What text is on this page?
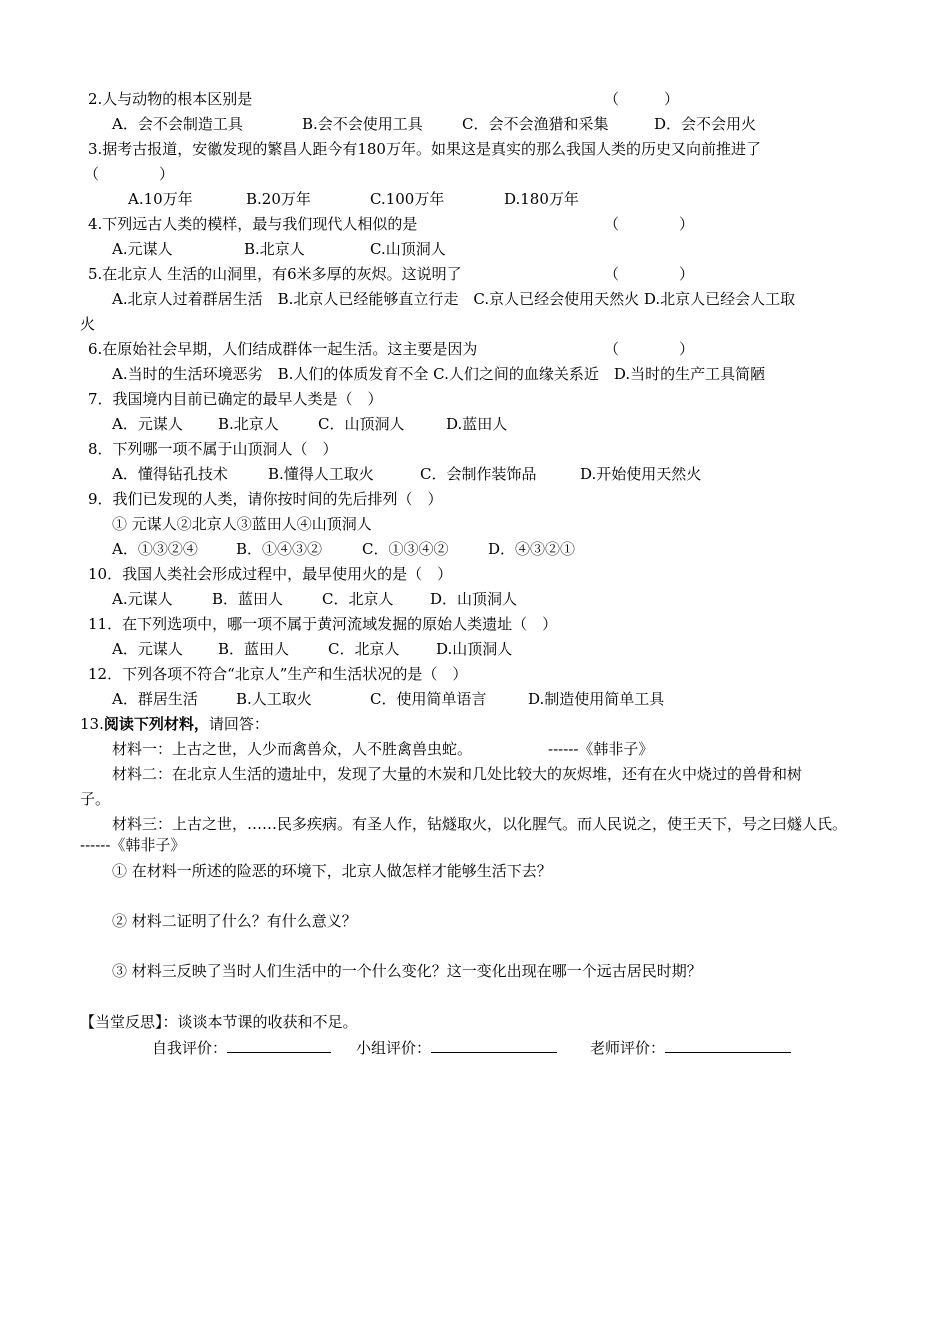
2.人与动物的根本区别是	（　　　）
A．会不会制造工具	B.会不会使用工具	C．会不会渔猎和采集	D．会不会用火
3.据考古报道，安徽发现的繁昌人距今有180万年。如果这是真实的那么我国人类的历史又向前推进了
（　　　　）
A.10万年	B.20万年	C.100万年	D.180万年
4.下列远古人类的模样，最与我们现代人相似的是	（　　　　）
A.元谋人	B.北京人	C.山顶洞人
5.在北京人 生活的山洞里，有6米多厚的灰烬。这说明了	（　　　　）
A.北京人过着群居生活　B.北京人已经能够直立行走　C.京人已经会使用天然火 D.北京人已经会人工取
火
6.在原始社会早期，人们结成群体一起生活。这主要是因为	（　　　　）
A.当时的生活环境恶劣　B.人们的体质发育不全 C.人们之间的血缘关系近　D.当时的生产工具简陋
7．我国境内目前已确定的最早人类是（　）
A．元谋人 B.北京人	C．山顶洞人	D.蓝田人
8．下列哪一项不属于山顶洞人（　）
A．懂得钻孔技术	B.懂得人工取火	C．会制作装饰品	D.开始使用天然火
9．我们已发现的人类，请你按时间的先后排列（　）
① 元谋人②北京人③蓝田人④山顶洞人
A．①③②④	B．①④③②	C．①③④②	D．④③②①
10．我国人类社会形成过程中，最早使用火的是（　）
A.元谋人	B．蓝田人	C．北京人 D．山顶洞人
11．在下列选项中，哪一项不属于黄河流域发掘的原始人类遗址（　）
A．元谋人 B．蓝田人	C．北京人 D.山顶洞人
12．下列各项不符合“北京人”生产和生活状况的是（　）
A．群居生活	B.人工取火	C．使用简单语言	D.制造使用简单工具
13.阅读下列材料，请回答：
材料一：上古之世，人少而禽兽众，人不胜禽兽虫蛇。	------《韩非子》
材料二：在北京人生活的遗址中，发现了大量的木炭和几处比较大的灰烬堆，还有在火中烧过的兽骨和树
子。
材料三：上古之世，……民多疾病。有圣人作，钻燧取火，以化腥气。而人民说之，使王天下，号之曰燧人氏。
------《韩非子》
① 在材料一所述的险恶的环境下，北京人做怎样才能够生活下去？
② 材料二证明了什么？有什么意义？
③ 材料三反映了当时人们生活中的一个什么变化？这一变化出现在哪一个远古居民时期？
【当堂反思】：谈谈本节课的收获和不足。
自我评价：	小组评价：	老师评价：
